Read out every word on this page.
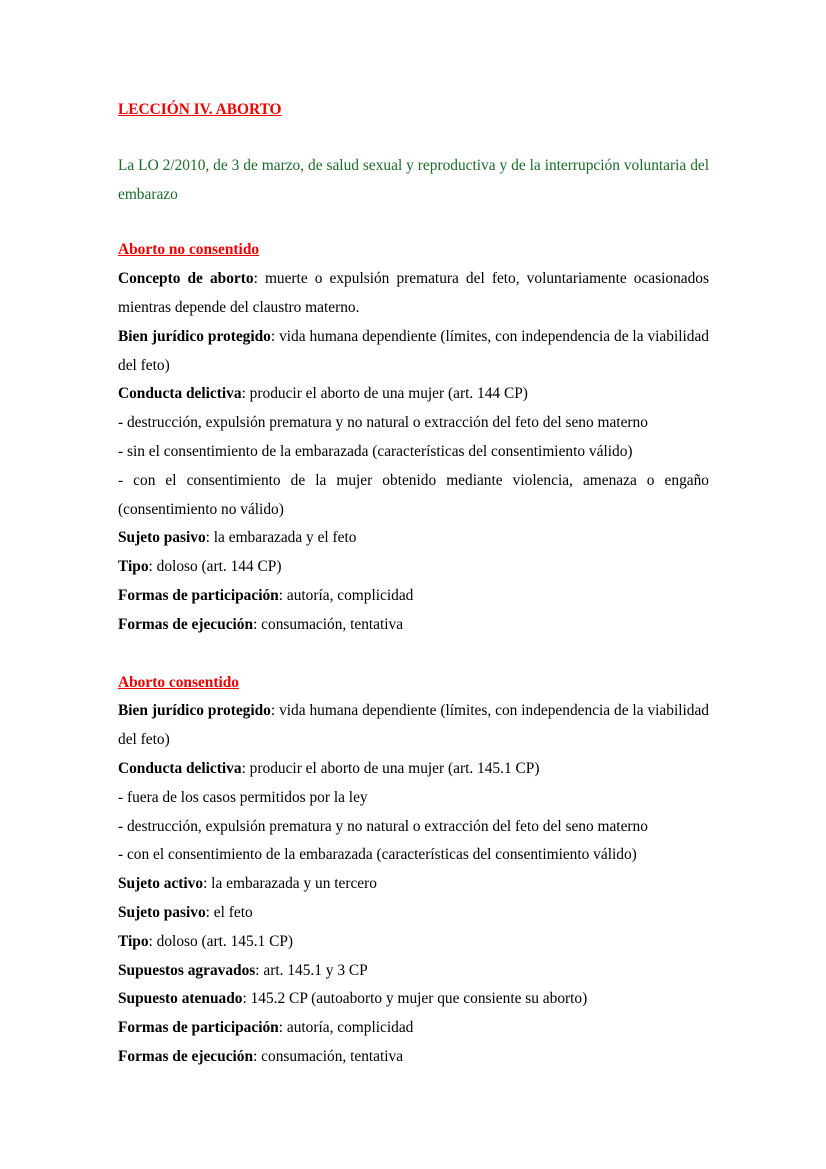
LECCIÓN IV. ABORTO

La LO 2/2010, de 3 de marzo, de salud sexual y reproductiva y de la interrupción voluntaria del embarazo

Aborto no consentido

Concepto de aborto: muerte o expulsión prematura del feto, voluntariamente ocasionados mientras depende del claustro materno.

Bien jurídico protegido: vida humana dependiente (límites, con independencia de la viabilidad del feto)

Conducta delictiva: producir el aborto de una mujer (art. 144 CP)

- destrucción, expulsión prematura y no natural o extracción del feto del seno materno

- sin el consentimiento de la embarazada (características del consentimiento válido)

- con el consentimiento de la mujer obtenido mediante violencia, amenaza o engaño (consentimiento no válido)

Sujeto pasivo: la embarazada y el feto

Tipo: doloso (art. 144 CP)

Formas de participación: autoría, complicidad

Formas de ejecución: consumación, tentativa

Aborto consentido

Bien jurídico protegido: vida humana dependiente (límites, con independencia de la viabilidad del feto)

Conducta delictiva: producir el aborto de una mujer (art. 145.1 CP)

- fuera de los casos permitidos por la ley

- destrucción, expulsión prematura y no natural o extracción del feto del seno materno

- con el consentimiento de la embarazada (características del consentimiento válido)

Sujeto activo: la embarazada y un tercero

Sujeto pasivo: el feto

Tipo: doloso (art. 145.1 CP)

Supuestos agravados: art. 145.1 y 3 CP

Supuesto atenuado: 145.2 CP (autoaborto y mujer que consiente su aborto)

Formas de participación: autoría, complicidad

Formas de ejecución: consumación, tentativa
